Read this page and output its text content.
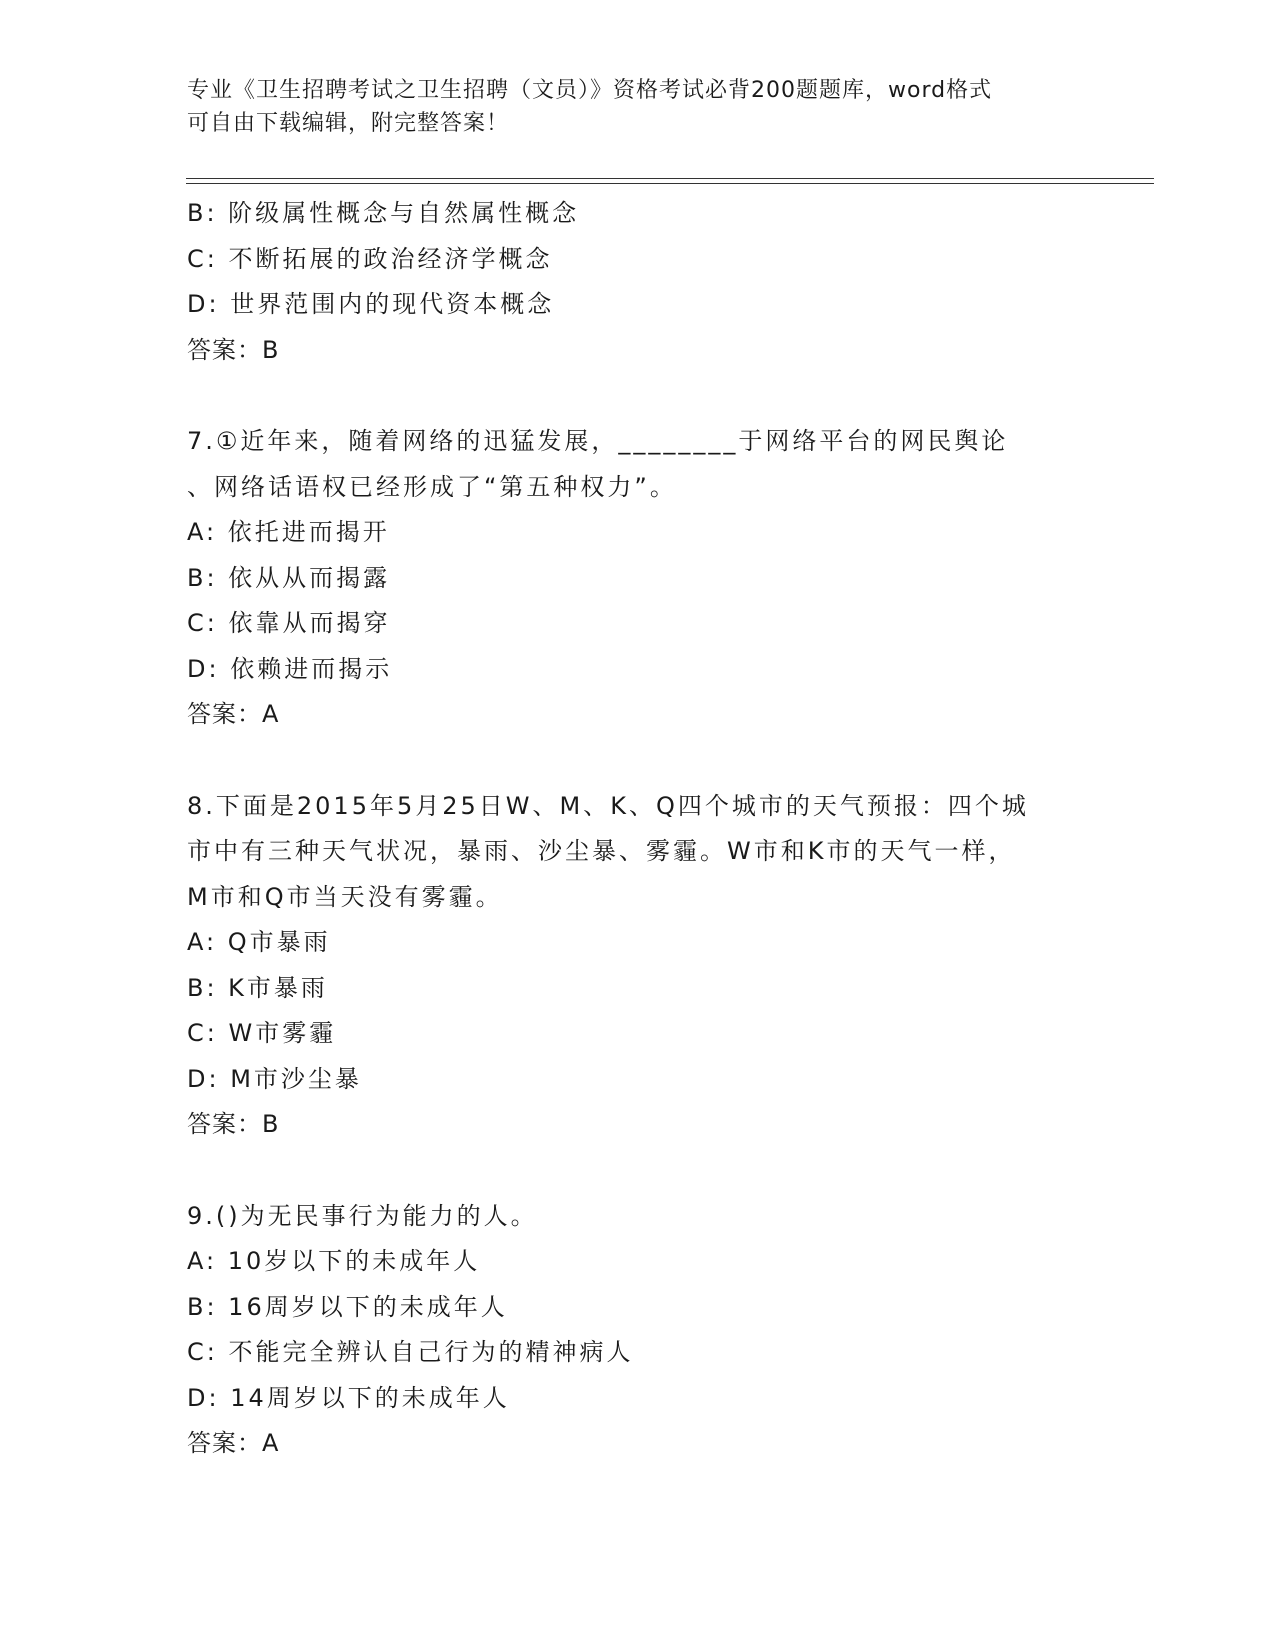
专业《卫生招聘考试之卫生招聘（文员）》资格考试必背200题题库，word格式
可自由下载编辑，附完整答案！
B: 阶级属性概念与自然属性概念
C: 不断拓展的政治经济学概念
D: 世界范围内的现代资本概念
答案：B
7.①近年来，随着网络的迅猛发展，________于网络平台的网民舆论
、网络话语权已经形成了“第五种权力”。
A: 依托进而揭开
B: 依从从而揭露
C: 依靠从而揭穿
D: 依赖进而揭示
答案：A
8.下面是2015年5月25日W、M、K、Q四个城市的天气预报：四个城
市中有三种天气状况，暴雨、沙尘暴、雾霾。W市和K市的天气一样，
M市和Q市当天没有雾霾。
A: Q市暴雨
B: K市暴雨
C: W市雾霾
D: M市沙尘暴
答案：B
9.()为无民事行为能力的人。
A: 10岁以下的未成年人
B: 16周岁以下的未成年人
C: 不能完全辨认自己行为的精神病人
D: 14周岁以下的未成年人
答案：A
